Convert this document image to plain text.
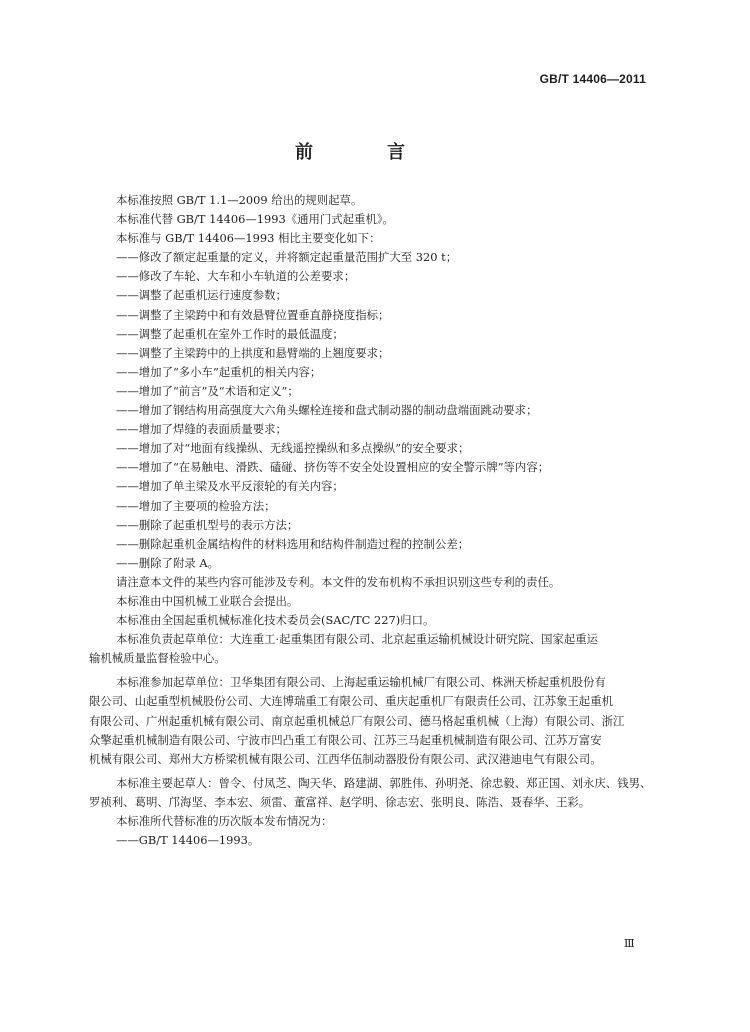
GB/T 14406—2011
前　言
本标准按照 GB/T 1.1—2009 给出的规则起草。
本标准代替 GB/T 14406—1993《通用门式起重机》。
本标准与 GB/T 14406—1993 相比主要变化如下：
——修改了额定起重量的定义，并将额定起重量范围扩大至 320 t；
——修改了车轮、大车和小车轨道的公差要求；
——调整了起重机运行速度参数；
——调整了主梁跨中和有效悬臂位置垂直静挠度指标；
——调整了起重机在室外工作时的最低温度；
——调整了主梁跨中的上拱度和悬臂端的上翘度要求；
——增加了“多小车”起重机的相关内容；
——增加了“前言”及“术语和定义”；
——增加了钢结构用高强度大六角头螺栓连接和盘式制动器的制动盘端面跳动要求；
——增加了焊缝的表面质量要求；
——增加了对“地面有线操纵、无线遥控操纵和多点操纵”的安全要求；
——增加了“在易触电、滑跌、磕碰、挤伤等不安全处设置相应的安全警示牌”等内容；
——增加了单主梁及水平反滚轮的有关内容；
——增加了主要项的检验方法；
——删除了起重机型号的表示方法；
——删除起重机金属结构件的材料选用和结构件制造过程的控制公差；
——删除了附录 A。
请注意本文件的某些内容可能涉及专利。本文件的发布机构不承担识别这些专利的责任。
本标准由中国机械工业联合会提出。
本标准由全国起重机械标准化技术委员会(SAC/TC 227)归口。
本标准负责起草单位：大连重工·起重集团有限公司、北京起重运输机械设计研究院、国家起重运
输机械质量监督检验中心。
本标准参加起草单位：卫华集团有限公司、上海起重运输机械厂有限公司、株洲天桥起重机股份有
限公司、山起重型机械股份公司、大连博瑞重工有限公司、重庆起重机厂有限责任公司、江苏象王起重机
有限公司、广州起重机械有限公司、南京起重机械总厂有限公司、德马格起重机械（上海）有限公司、浙江
众擎起重机械制造有限公司、宁波市凹凸重工有限公司、江苏三马起重机械制造有限公司、江苏万富安
机械有限公司、郑州大方桥梁机械有限公司、江西华伍制动器股份有限公司、武汉港迪电气有限公司。
本标准主要起草人：曾令、付凤芝、陶天华、路建湖、郭胜伟、孙明尧、徐忠毅、郑正国、刘永庆、钱男、
罗祯利、葛明、邝海坚、李本宏、须雷、董富祥、赵学明、徐志宏、张明良、陈浩、聂春华、王彩。
本标准所代替标准的历次版本发布情况为：
——GB/T 14406—1993。
Ⅲ
